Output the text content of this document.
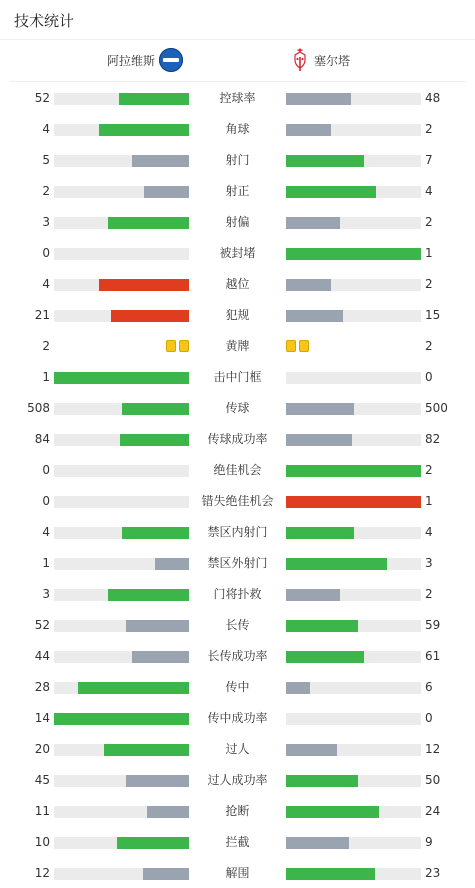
技术统计
阿拉维斯	塞尔塔
52	控球率	48
4	角球	2
5	射门	7
2	射正	4
3	射偏	2
0	被封堵	1
4	越位	2
21	犯规	15
2	黄牌	2
1	击中门框	0
508	传球	500
84	传球成功率	82
0	绝佳机会	2
0	错失绝佳机会	1
4	禁区内射门	4
1	禁区外射门	3
3	门将扑救	2
52	长传	59
44	长传成功率	61
28	传中	6
14	传中成功率	0
20	过人	12
45	过人成功率	50
11	抢断	24
10	拦截	9
12	解围	23
